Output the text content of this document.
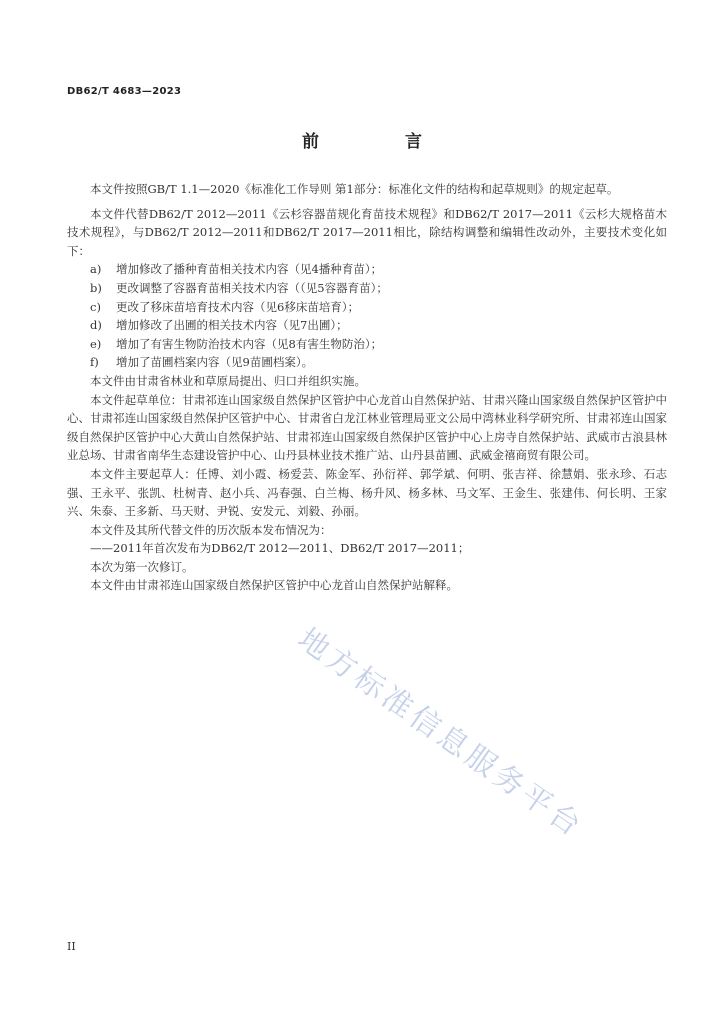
DB62/T 4683—2023
前 言

本文件按照GB/T 1.1—2020《标准化工作导则 第1部分：标准化文件的结构和起草规则》的规定起草。

本文件代替DB62/T 2012—2011《云杉容器苗规化育苗技术规程》和DB62/T 2017—2011《云杉大规格苗木技术规程》，与DB62/T 2012—2011和DB62/T 2017—2011相比，除结构调整和编辑性改动外，主要技术变化如下：

a)	增加修改了播种育苗相关技术内容（见4播种育苗）；
b)	更改调整了容器育苗相关技术内容（（见5容器育苗）；
c)	更改了移床苗培育技术内容（见6移床苗培育）；
d)	增加修改了出圃的相关技术内容（见7出圃）；
e)	增加了有害生物防治技术内容（见8有害生物防治）；
f)	增加了苗圃档案内容（见9苗圃档案）。

本文件由甘肃省林业和草原局提出、归口并组织实施。

本文件起草单位：甘肃祁连山国家级自然保护区管护中心龙首山自然保护站、甘肃兴隆山国家级自然保护区管护中心、甘肃祁连山国家级自然保护区管护中心、甘肃省白龙江林业管理局亚文公局中湾林业科学研究所、甘肃祁连山国家级自然保护区管护中心大黄山自然保护站、甘肃祁连山国家级自然保护区管护中心上房寺自然保护站、武威市古浪县林业总场、甘肃省南华生态建设管护中心、山丹县林业技术推广站、山丹县苗圃、武威金禧商贸有限公司。

本文件主要起草人：任博、刘小霞、杨爱芸、陈金军、孙衍祥、郭学斌、何明、张吉祥、徐慧娟、张永珍、石志强、王永平、张凯、杜树青、赵小兵、冯春强、白兰梅、杨升风、杨多林、马文军、王金生、张建伟、何长明、王家兴、朱泰、王多新、马天财、尹锐、安发元、刘毅、孙丽。

本文件及其所代替文件的历次版本发布情况为：

——2011年首次发布为DB62/T 2012—2011、DB62/T 2017—2011；

本次为第一次修订。

本文件由甘肃祁连山国家级自然保护区管护中心龙首山自然保护站解释。

地方标准信息服务平台
II
